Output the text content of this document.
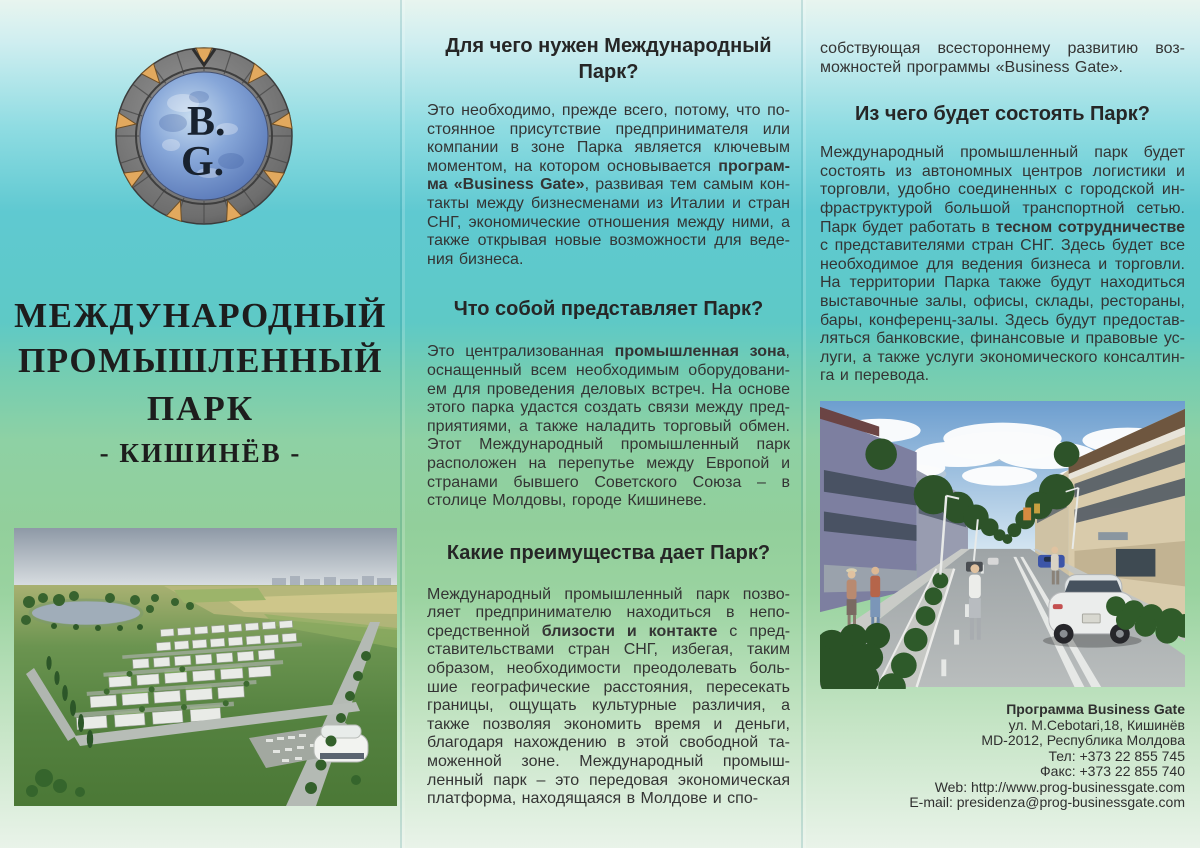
B.
G.
МЕЖДУНАРОДНЫЙ
ПРОМЫШЛЕННЫЙ
ПАРК
- КИШИНЁВ -
Для чего нужен Международный Парк?

Это необходимо, прежде всего, потому, что постоянное присутствие предпринимателя или компании в зоне Парка является ключевым моментом, на котором основывается программа «Business Gate», развивая тем самым контакты между бизнесменами из Италии и стран СНГ, экономические отношения между ними, а также открывая новые возможности для ведения бизнеса.

Что собой представляет Парк?

Это централизованная промышленная зона, оснащенный всем необходимым оборудованием для проведения деловых встреч. На основе этого парка удастся создать связи между предприятиями, а также наладить торговый обмен. Этот Международный промышленный парк расположен на перепутье между Европой и странами бывшего Советского Союза – в столице Молдовы, городе Кишиневе.

Какие преимущества дает Парк?

Международный промышленный парк позволяет предпринимателю находиться в непосредственной близости и контакте с представительствами стран СНГ, избегая, таким образом, необходимости преодолевать большие географические расстояния, пересекать границы, ощущать культурные различия, а также позволяя экономить время и деньги, благодаря нахождению в этой свободной таможенной зоне. Международный промышленный парк – это передовая экономическая платформа, находящаяся в Молдове и спо-

собствующая всестороннему развитию возможностей программы «Business Gate».

Из чего будет состоять Парк?

Международный промышленный парк будет состоять из автономных центров логистики и торговли, удобно соединенных с городской инфраструктурой большой транспортной сетью. Парк будет работать в тесном сотрудничестве с представителями стран СНГ. Здесь будет все необходимое для ведения бизнеса и торговли. На территории Парка также будут находиться выставочные залы, офисы, склады, рестораны, бары, конференц-залы. Здесь будут предоставляться банковские, финансовые и правовые услуги, а также услуги экономического консалтинга и перевода.

Программа Business Gate
ул. М.Cebotari,18, Кишинёв
MD-2012, Республика Молдова
Тел: +373 22 855 745
Факс: +373 22 855 740
Web: http://www.prog-businessgate.com
E-mail: presidenza@prog-businessgate.com
